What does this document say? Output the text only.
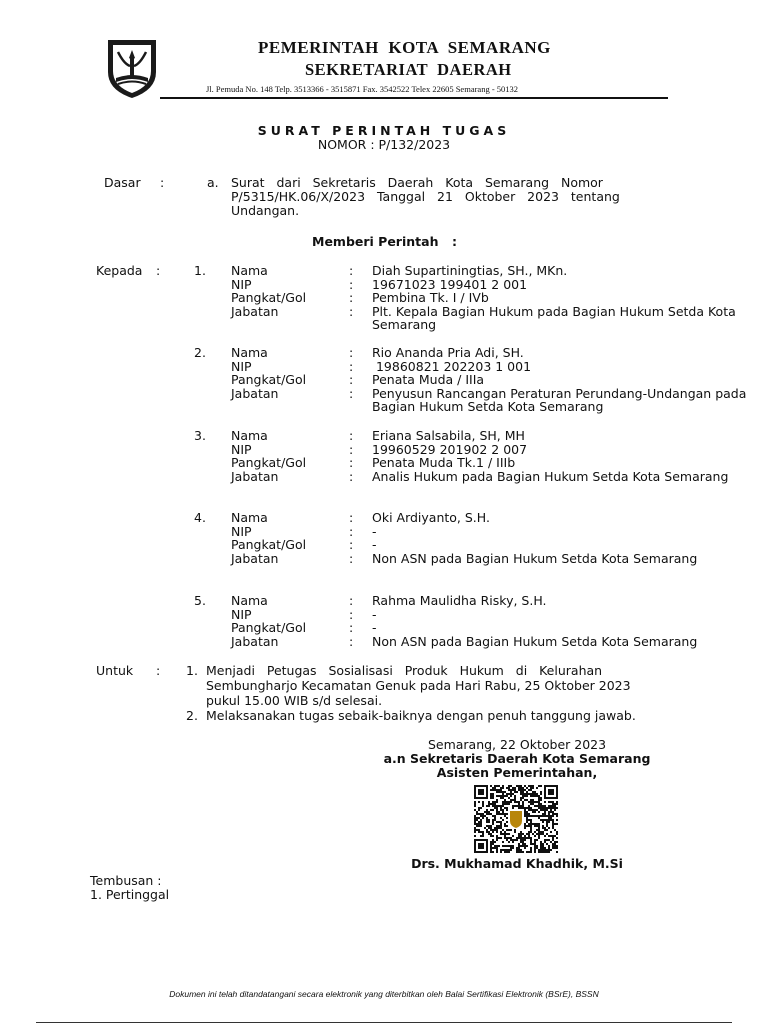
PEMERINTAH  KOTA  SEMARANG
SEKRETARIAT  DAERAH
Jl. Pemuda No. 148 Telp. 3513366 - 3515871 Fax. 3542522 Telex 22605 Semarang - 50132
SURAT PERINTAH TUGAS
NOMOR : P/132/2023
Dasar :	a. Surat   dari   Sekretaris   Daerah   Kota   Semarang   Nomor
P/5315/HK.06/X/2023   Tanggal   21   Oktober   2023   tentang
Undangan.
Memberi Perintah :
Kepada :	1. Nama	: Diah Supartiningtias, SH., MKn.
NIP	: 19671023 199401 2 001
Pangkat/Gol	: Pembina Tk. I / IVb
Jabatan	: Plt. Kepala Bagian Hukum pada Bagian Hukum Setda Kota
Semarang
2. Nama	: Rio Ananda Pria Adi, SH.
NIP	: 19860821 202203 1 001
Pangkat/Gol	: Penata Muda / IIIa
Jabatan	: Penyusun Rancangan Peraturan Perundang-Undangan pada
Bagian Hukum Setda Kota Semarang
3. Nama	: Eriana Salsabila, SH, MH
NIP	: 19960529 201902 2 007
Pangkat/Gol	: Penata Muda Tk.1 / IIIb
Jabatan	: Analis Hukum pada Bagian Hukum Setda Kota Semarang
4. Nama	: Oki Ardiyanto, S.H.
NIP	: -
Pangkat/Gol	: -
Jabatan	: Non ASN pada Bagian Hukum Setda Kota Semarang
5. Nama	: Rahma Maulidha Risky, S.H.
NIP	: -
Pangkat/Gol	: -
Jabatan	: Non ASN pada Bagian Hukum Setda Kota Semarang
Untuk : 1. Menjadi   Petugas   Sosialisasi   Produk   Hukum   di   Kelurahan
Sembungharjo Kecamatan Genuk pada Hari Rabu, 25 Oktober 2023
pukul 15.00 WIB s/d selesai.
2. Melaksanakan tugas sebaik-baiknya dengan penuh tanggung jawab.
Semarang, 22 Oktober 2023
a.n Sekretaris Daerah Kota Semarang
Asisten Pemerintahan,
Drs. Mukhamad Khadhik, M.Si
Tembusan :
1. Pertinggal
Dokumen ini telah ditandatangani secara elektronik yang diterbitkan oleh Balai Sertifikasi Elektronik (BSrE), BSSN
